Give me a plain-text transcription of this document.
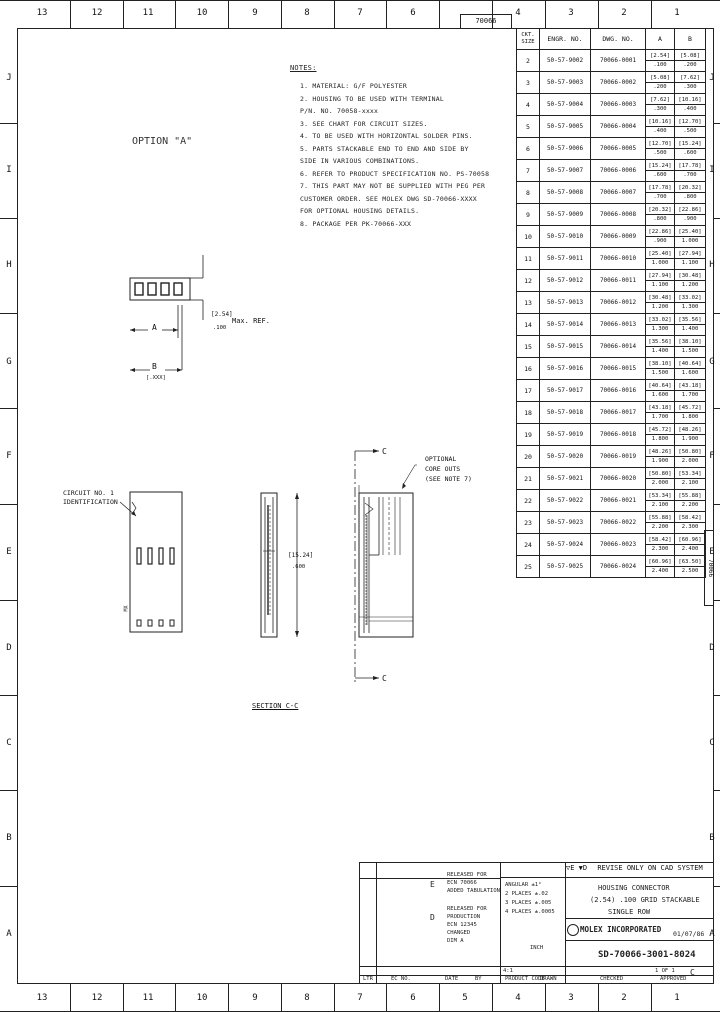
13	12	11	10	9	8	7	6	4	3	2	1
13	12	11	10	9	8	7	6	5	4	3	2	1
J
I
H
G
F
E
D
C
B
A
J
I
H
G
F
E
D
C
B
A
70066
70066
NOTES:
1. MATERIAL: G/F POLYESTER
2. HOUSING TO BE USED WITH TERMINAL
P/N. NO. 70058-xxxx
3. SEE CHART FOR CIRCUIT SIZES.
4. TO BE USED WITH HORIZONTAL SOLDER PINS.
5. PARTS STACKABLE END TO END AND SIDE BY
SIDE IN VARIOUS COMBINATIONS.
6. REFER TO PRODUCT SPECIFICATION NO. PS-70058
7. THIS PART MAY NOT BE SUPPLIED WITH PEG PER
CUSTOMER ORDER. SEE MOLEX DWG SD-70066-XXXX
FOR OPTIONAL HOUSING DETAILS.
8. PACKAGE PER PK-70066-XXX
OPTION "A"
A
B
[.XXX]
[2.54]
.100
Max. REF.
CIRCUIT NO. 1
IDENTIFICATION
MX
[15.24]
.600
C
C
OPTIONAL
CORE OUTS
(SEE NOTE 7)
SECTION C-C
CKT. SIZE	ENGR. NO.	DWG. NO.	A	B
2	50-57-9002	70066-0001	[2.54]
.100	[5.08]
.200

3	50-57-9003	70066-0002	[5.08]
.200	[7.62]
.300

4	50-57-9004	70066-0003	[7.62]
.300	[10.16]
.400

5	50-57-9005	70066-0004	[10.16]
.400	[12.70]
.500

6	50-57-9006	70066-0005	[12.70]
.500	[15.24]
.600

7	50-57-9007	70066-0006	[15.24]
.600	[17.78]
.700

8	50-57-9008	70066-0007	[17.78]
.700	[20.32]
.800

9	50-57-9009	70066-0008	[20.32]
.800	[22.86]
.900

10	50-57-9010	70066-0009	[22.86]
.900	[25.40]
1.000

11	50-57-9011	70066-0010	[25.40]
1.000	[27.94]
1.100

12	50-57-9012	70066-0011	[27.94]
1.100	[30.48]
1.200

13	50-57-9013	70066-0012	[30.48]
1.200	[33.02]
1.300

14	50-57-9014	70066-0013	[33.02]
1.300	[35.56]
1.400

15	50-57-9015	70066-0014	[35.56]
1.400	[38.10]
1.500

16	50-57-9016	70066-0015	[38.10]
1.500	[40.64]
1.600

17	50-57-9017	70066-0016	[40.64]
1.600	[43.18]
1.700

18	50-57-9018	70066-0017	[43.18]
1.700	[45.72]
1.800

19	50-57-9019	70066-0018	[45.72]
1.800	[48.26]
1.900

20	50-57-9020	70066-0019	[48.26]
1.900	[50.80]
2.000

21	50-57-9021	70066-0020	[50.80]
2.000	[53.34]
2.100

22	50-57-9022	70066-0021	[53.34]
2.100	[55.88]
2.200

23	50-57-9023	70066-0022	[55.88]
2.200	[58.42]
2.300

24	50-57-9024	70066-0023	[58.42]
2.300	[60.96]
2.400

25	50-57-9025	70066-0024	[60.96]
2.400	[63.50]
2.500
▽E ▼D REVISE ONLY ON CAD SYSTEM
E
RELEASED FOR
ECN 70066
ADDED TABULATION
D
RELEASED FOR
PRODUCTION
ECN 12345
CHANGED
DIM A
ANGULAR ±1°
2 PLACES ±.02
3 PLACES ±.005
4 PLACES ±.0005
INCH
HOUSING CONNECTOR
(2.54) .100 GRID STACKABLE
SINGLE ROW
MOLEX INCORPORATED 01/07/86
SD-70066-3001-8024
1 OF 1 C
4:1
LTR	EC NO.	DATE	BY	PRODUCT CODE
DRAWN	CHECKED	APPROVED
